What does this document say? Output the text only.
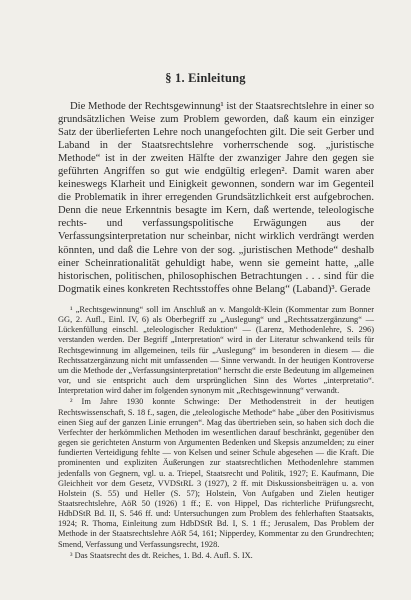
§ 1. Einleitung

Die Methode der Rechtsgewinnung¹ ist der Staatsrechtslehre in einer so grundsätzlichen Weise zum Problem geworden, daß kaum ein einziger Satz der überlieferten Lehre noch unangefochten gilt. Die seit Gerber und Laband in der Staatsrechtslehre vorherrschende sog. „juristische Methode“ ist in der zweiten Hälfte der zwanziger Jahre den gegen sie geführten Angriffen so gut wie endgültig erlegen². Damit waren aber keineswegs Klarheit und Einigkeit gewonnen, sondern war im Gegenteil die Problematik in ihrer erregenden Grundsätzlichkeit erst aufgebrochen. Denn die neue Erkenntnis besagte im Kern, daß wertende, teleologische rechts- und verfassungspolitische Erwägungen aus der Verfassungsinterpretation nur scheinbar, nicht wirklich verdrängt werden könnten, und daß die Lehre von der sog. „juristischen Methode“ deshalb einer Scheinrationalität gehuldigt habe, wenn sie gemeint hatte, „alle historischen, politischen, philosophischen Betrachtungen . . . sind für die Dogmatik eines konkreten Rechtsstoffes ohne Belang“ (Laband)³. Gerade

¹ „Rechtsgewinnung“ soll im Anschluß an v. Mangoldt-Klein (Kommentar zum Bonner GG, 2. Aufl., Einl. IV, 6) als Oberbegriff zu „Auslegung“ und „Rechtssatzergänzung“ — Lückenfüllung einschl. „teleologischer Reduktion“ — (Larenz, Methodenlehre, S. 296) verstanden werden. Der Begriff „Interpretation“ wird in der Literatur schwankend teils für Rechtsgewinnung im allgemeinen, teils für „Auslegung“ im besonderen in diesem — die Rechtssatzergänzung nicht mit umfassenden — Sinne verwandt. In der heutigen Kontroverse um die Methode der „Verfassungsinterpretation“ herrscht die erste Bedeutung im allgemeinen vor, und sie entspricht auch dem ursprünglichen Sinn des Wortes „interpretatio“. Interpretation wird daher im folgenden synonym mit „Rechtsgewinnung“ verwandt.

² Im Jahre 1930 konnte Schwinge: Der Methodenstreit in der heutigen Rechtswissenschaft, S. 18 f., sagen, die „teleologische Methode“ habe „über den Positivismus einen Sieg auf der ganzen Linie errungen“. Mag das übertrieben sein, so haben sich doch die Verfechter der herkömmlichen Methoden im wesentlichen darauf beschränkt, gegenüber den gegen sie gerichteten Ansturm von Argumenten Bedenken und Skepsis anzumelden; zu einer fundierten Verteidigung fehlte — von Kelsen und seiner Schule abgesehen — die Kraft. Die prominenten und expliziten Äußerungen zur staatsrechtlichen Methodenlehre stammen jedenfalls von Gegnern, vgl. u. a. Triepel, Staatsrecht und Politik, 1927; E. Kaufmann, Die Gleichheit vor dem Gesetz, VVDStRL 3 (1927), 2 ff. mit Diskussionsbeiträgen u. a. von Holstein (S. 55) und Heller (S. 57); Holstein, Von Aufgaben und Zielen heutiger Staatsrechtslehre, AöR 50 (1926) 1 ff.; E. von Hippel, Das richterliche Prüfungsrecht, HdbDStR Bd. II, S. 546 ff. und: Untersuchungen zum Problem des fehlerhaften Staatsakts, 1924; R. Thoma, Einleitung zum HdbDStR Bd. I, S. 1 ff.; Jerusalem, Das Problem der Methode in der Staatsrechtslehre AöR 54, 161; Nipperdey, Kommentar zu den Grundrechten; Smend, Verfassung und Verfassungsrecht, 1928.

³ Das Staatsrecht des dt. Reiches, 1. Bd. 4. Aufl. S. IX.
